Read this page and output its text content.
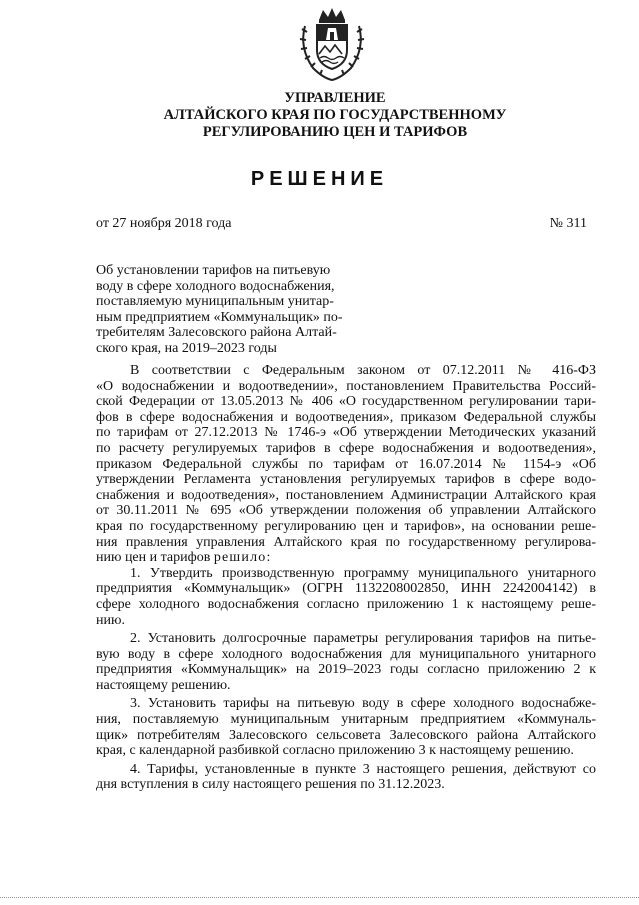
УПРАВЛЕНИЕ
АЛТАЙСКОГО КРАЯ ПО ГОСУДАРСТВЕННОМУ
РЕГУЛИРОВАНИЮ ЦЕН И ТАРИФОВ
РЕШЕНИЕ
от 27 ноября 2018 года	№ 311
Об установлении тарифов на питьевую
воду в сфере холодного водоснабжения,
поставляемую муниципальным унитар-
ным предприятием «Коммунальщик» по-
требителям Залесовского района Алтай-
ского края, на 2019–2023 годы
В соответствии с Федеральным законом от 07.12.2011 № 416-ФЗ
«О водоснабжении и водоотведении», постановлением Правительства Россий-
ской Федерации от 13.05.2013 № 406 «О государственном регулировании тари-
фов в сфере водоснабжения и водоотведения», приказом Федеральной службы
по тарифам от 27.12.2013 № 1746-э «Об утверждении Методических указаний
по расчету регулируемых тарифов в сфере водоснабжения и водоотведения»,
приказом Федеральной службы по тарифам от 16.07.2014 № 1154-э «Об
утверждении Регламента установления регулируемых тарифов в сфере водо-
снабжения и водоотведения», постановлением Администрации Алтайского края
от 30.11.2011 № 695 «Об утверждении положения об управлении Алтайского
края по государственному регулированию цен и тарифов», на основании реше-
ния правления управления Алтайского края по государственному регулирова-
нию цен и тарифов решило:
1. Утвердить производственную программу муниципального унитарного
предприятия «Коммунальщик» (ОГРН 1132208002850, ИНН 2242004142) в
сфере холодного водоснабжения согласно приложению 1 к настоящему реше-
нию.
2. Установить долгосрочные параметры регулирования тарифов на питье-
вую воду в сфере холодного водоснабжения для муниципального унитарного
предприятия «Коммунальщик» на 2019–2023 годы согласно приложению 2 к
настоящему решению.
3. Установить тарифы на питьевую воду в сфере холодного водоснабже-
ния, поставляемую муниципальным унитарным предприятием «Коммуналь-
щик» потребителям Залесовского сельсовета Залесовского района Алтайского
края, с календарной разбивкой согласно приложению 3 к настоящему решению.
4. Тарифы, установленные в пункте 3 настоящего решения, действуют со
дня вступления в силу настоящего решения по 31.12.2023.
